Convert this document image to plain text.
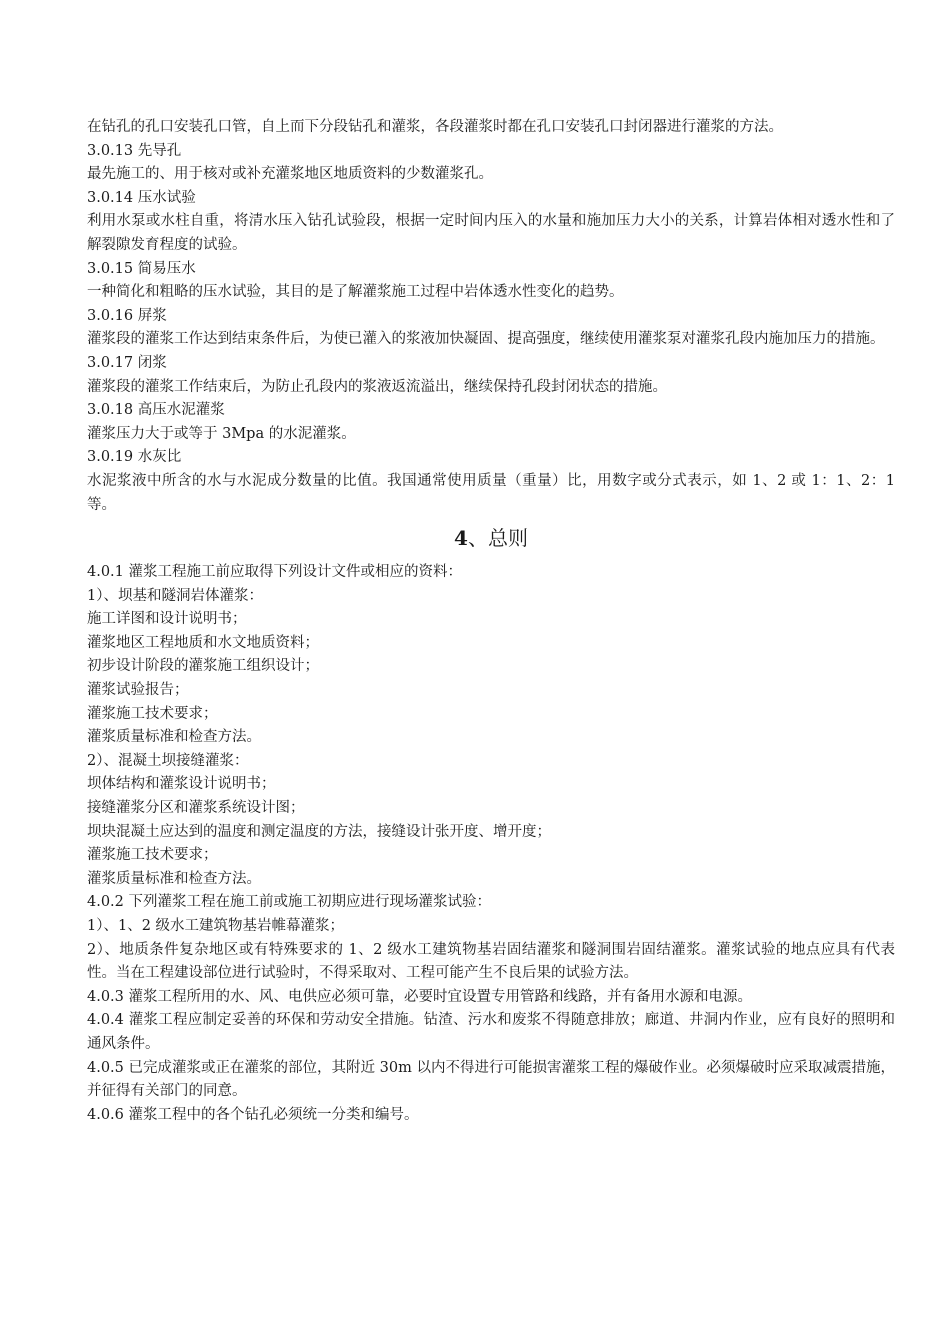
在钻孔的孔口安装孔口管，自上而下分段钻孔和灌浆，各段灌浆时都在孔口安装孔口封闭器进行灌浆的方法。
3.0.13 先导孔
最先施工的、用于核对或补充灌浆地区地质资料的少数灌浆孔。
3.0.14 压水试验
利用水泵或水柱自重，将清水压入钻孔试验段，根据一定时间内压入的水量和施加压力大小的关系，计算岩体相对透水性和了解裂隙发育程度的试验。
3.0.15 简易压水
一种简化和粗略的压水试验，其目的是了解灌浆施工过程中岩体透水性变化的趋势。
3.0.16 屏浆
灌浆段的灌浆工作达到结束条件后，为使已灌入的浆液加快凝固、提高强度，继续使用灌浆泵对灌浆孔段内施加压力的措施。
3.0.17 闭浆
灌浆段的灌浆工作结束后，为防止孔段内的浆液返流溢出，继续保持孔段封闭状态的措施。
3.0.18 高压水泥灌浆
灌浆压力大于或等于 3Mpa 的水泥灌浆。
3.0.19 水灰比
水泥浆液中所含的水与水泥成分数量的比值。我国通常使用质量（重量）比，用数字或分式表示，如 1、2 或 1：1、2：1 等。
4、总则
4.0.1 灌浆工程施工前应取得下列设计文件或相应的资料：
1）、坝基和隧洞岩体灌浆：
施工详图和设计说明书；
灌浆地区工程地质和水文地质资料；
初步设计阶段的灌浆施工组织设计；
灌浆试验报告；
灌浆施工技术要求；
灌浆质量标准和检查方法。
2）、混凝土坝接缝灌浆：
坝体结构和灌浆设计说明书；
接缝灌浆分区和灌浆系统设计图；
坝块混凝土应达到的温度和测定温度的方法，接缝设计张开度、增开度；
灌浆施工技术要求；
灌浆质量标准和检查方法。
4.0.2 下列灌浆工程在施工前或施工初期应进行现场灌浆试验：
1）、1、2 级水工建筑物基岩帷幕灌浆；
2）、地质条件复杂地区或有特殊要求的 1、2 级水工建筑物基岩固结灌浆和隧洞围岩固结灌浆。灌浆试验的地点应具有代表性。当在工程建设部位进行试验时，不得采取对、工程可能产生不良后果的试验方法。
4.0.3 灌浆工程所用的水、风、电供应必须可靠，必要时宜设置专用管路和线路，并有备用水源和电源。
4.0.4 灌浆工程应制定妥善的环保和劳动安全措施。钻渣、污水和废浆不得随意排放；廊道、井洞内作业，应有良好的照明和通风条件。
4.0.5 已完成灌浆或正在灌浆的部位，其附近 30m 以内不得进行可能损害灌浆工程的爆破作业。必须爆破时应采取减震措施，并征得有关部门的同意。
4.0.6 灌浆工程中的各个钻孔必须统一分类和编号。
